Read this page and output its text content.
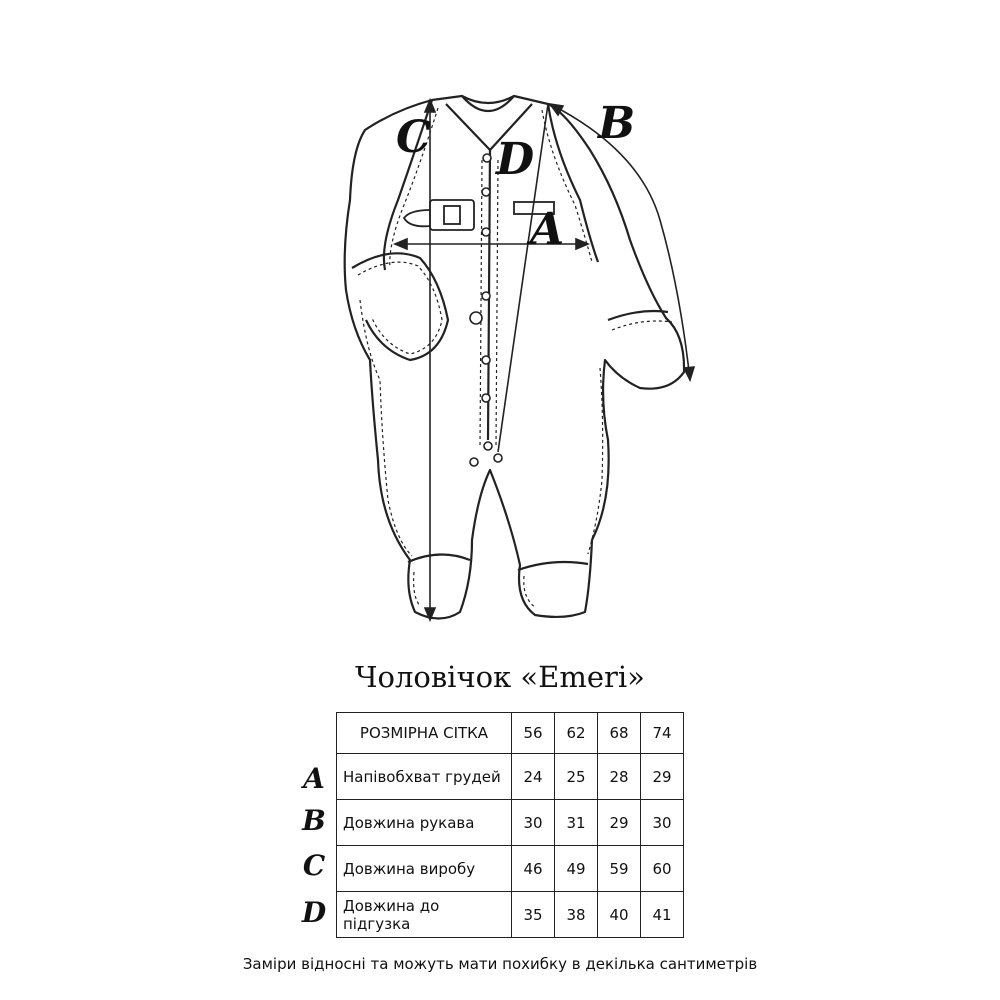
C D
A
B
Чоловічок «Emeri»
A
B
C
D
РОЗМІРНА СІТКА	56	62	68	74
Напівобхват грудей	24	25	28	29
Довжина рукава	30	31	29	30
Довжина виробу	46	49	59	60
Довжина до підгузка	35	38	40	41
Заміри відносні та можуть мати похибку в декілька сантиметрів
